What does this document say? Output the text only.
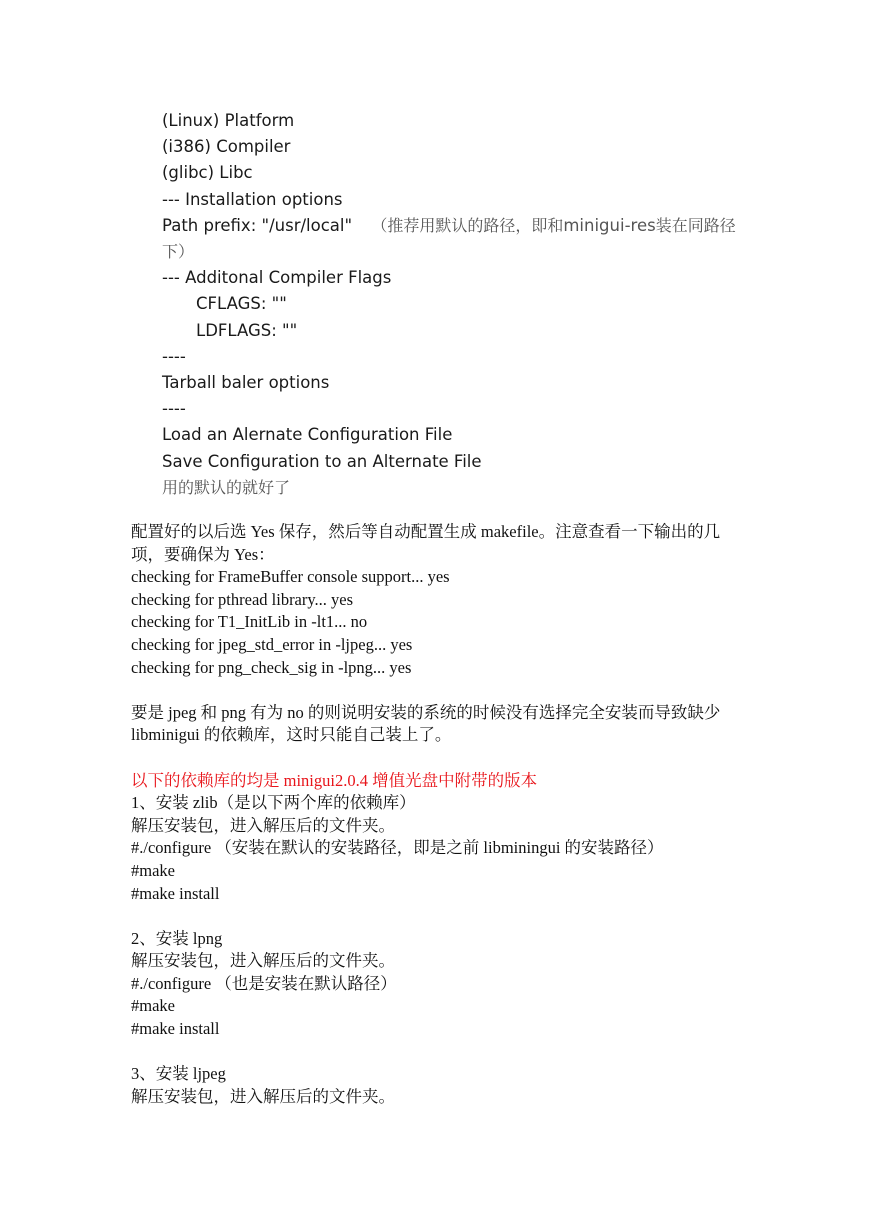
(Linux) Platform
(i386) Compiler
(glibc) Libc
--- Installation options
Path prefix: "/usr/local" （推荐用默认的路径，即和minigui-res装在同路径下）
--- Additonal Compiler Flags
CFLAGS: ""
LDFLAGS: ""
----
Tarball baler options
----
Load an Alernate Configuration File
Save Configuration to an Alternate File
用的默认的就好了
配置好的以后选 Yes 保存，然后等自动配置生成 makefile。注意查看一下输出的几项，要确保为 Yes：
checking for FrameBuffer console support... yes
checking for pthread library... yes
checking for T1_InitLib in -lt1... no
checking for jpeg_std_error in -ljpeg... yes
checking for png_check_sig in -lpng... yes
要是 jpeg 和 png 有为 no 的则说明安装的系统的时候没有选择完全安装而导致缺少 libminigui 的依赖库，这时只能自己装上了。
以下的依赖库的均是 minigui2.0.4 增值光盘中附带的版本
1、安装 zlib（是以下两个库的依赖库）
解压安装包，进入解压后的文件夹。
#./configure （安装在默认的安装路径，即是之前 libminingui 的安装路径）
#make
#make install
2、安装 lpng
解压安装包，进入解压后的文件夹。
#./configure （也是安装在默认路径）
#make
#make install
3、安装 ljpeg
解压安装包，进入解压后的文件夹。
